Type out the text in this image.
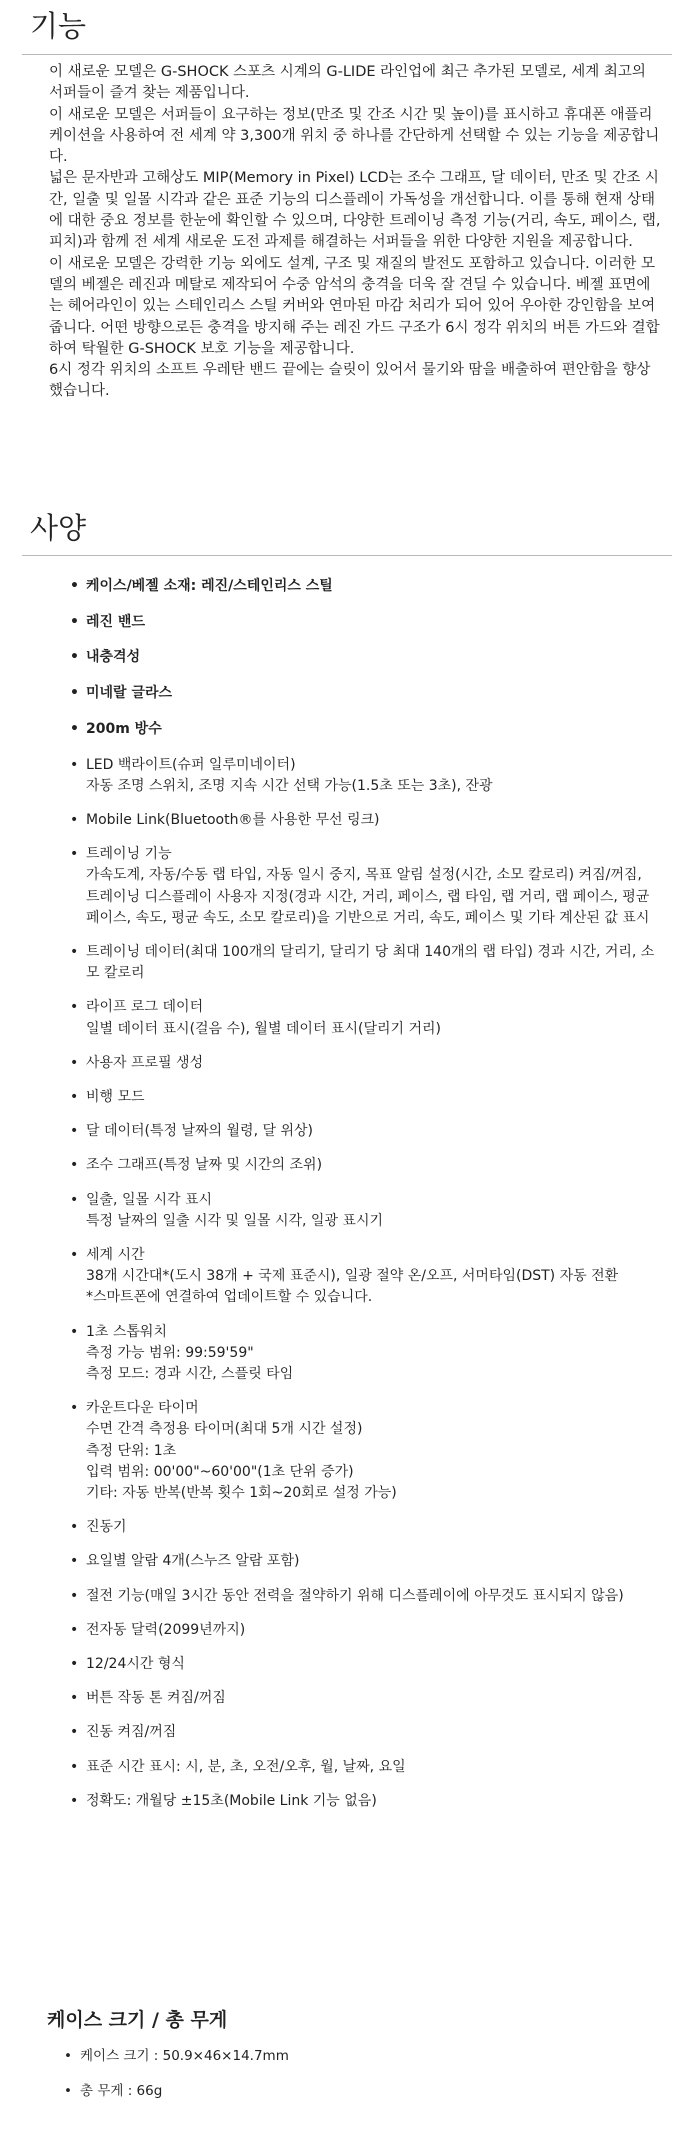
기능

이 새로운 모델은 G-SHOCK 스포츠 시계의 G-LIDE 라인업에 최근 추가된 모델로, 세계 최고의 서퍼들이 즐겨 찾는 제품입니다.

이 새로운 모델은 서퍼들이 요구하는 정보(만조 및 간조 시간 및 높이)를 표시하고 휴대폰 애플리케이션을 사용하여 전 세계 약 3,300개 위치 중 하나를 간단하게 선택할 수 있는 기능을 제공합니다.

넓은 문자반과 고해상도 MIP(Memory in Pixel) LCD는 조수 그래프, 달 데이터, 만조 및 간조 시간, 일출 및 일몰 시각과 같은 표준 기능의 디스플레이 가독성을 개선합니다. 이를 통해 현재 상태에 대한 중요 정보를 한눈에 확인할 수 있으며, 다양한 트레이닝 측정 기능(거리, 속도, 페이스, 랩, 피치)과 함께 전 세계 새로운 도전 과제를 해결하는 서퍼들을 위한 다양한 지원을 제공합니다.

이 새로운 모델은 강력한 기능 외에도 설계, 구조 및 재질의 발전도 포함하고 있습니다. 이러한 모델의 베젤은 레진과 메탈로 제작되어 수중 암석의 충격을 더욱 잘 견딜 수 있습니다. 베젤 표면에는 헤어라인이 있는 스테인리스 스틸 커버와 연마된 마감 처리가 되어 있어 우아한 강인함을 보여줍니다. 어떤 방향으로든 충격을 방지해 주는 레진 가드 구조가 6시 정각 위치의 버튼 가드와 결합하여 탁월한 G-SHOCK 보호 기능을 제공합니다.

6시 정각 위치의 소프트 우레탄 밴드 끝에는 슬릿이 있어서 물기와 땀을 배출하여 편안함을 향상했습니다.

사양
• 케이스/베젤 소재: 레진/스테인리스 스틸
• 레진 밴드
• 내충격성
• 미네랄 글라스
• 200m 방수
• LED 백라이트(슈퍼 일루미네이터)
자동 조명 스위치, 조명 지속 시간 선택 가능(1.5초 또는 3초), 잔광
• Mobile Link(Bluetooth®를 사용한 무선 링크)
• 트레이닝 기능
가속도계, 자동/수동 랩 타입, 자동 일시 중지, 목표 알림 설정(시간, 소모 칼로리) 켜짐/꺼짐, 트레이닝 디스플레이 사용자 지정(경과 시간, 거리, 페이스, 랩 타임, 랩 거리, 랩 페이스, 평균 페이스, 속도, 평균 속도, 소모 칼로리)을 기반으로 거리, 속도, 페이스 및 기타 계산된 값 표시
• 트레이닝 데이터(최대 100개의 달리기, 달리기 당 최대 140개의 랩 타입) 경과 시간, 거리, 소모 칼로리
• 라이프 로그 데이터
일별 데이터 표시(걸음 수), 월별 데이터 표시(달리기 거리)
• 사용자 프로필 생성
• 비행 모드
• 달 데이터(특정 날짜의 월령, 달 위상)
• 조수 그래프(특정 날짜 및 시간의 조위)
• 일출, 일몰 시각 표시
특정 날짜의 일출 시각 및 일몰 시각, 일광 표시기
• 세계 시간
38개 시간대*(도시 38개 + 국제 표준시), 일광 절약 온/오프, 서머타임(DST) 자동 전환
*스마트폰에 연결하여 업데이트할 수 있습니다.
• 1초 스톱워치
측정 가능 범위: 99:59'59"
측정 모드: 경과 시간, 스플릿 타임
• 카운트다운 타이머
수면 간격 측정용 타이머(최대 5개 시간 설정)
측정 단위: 1초
입력 범위: 00'00"~60'00"(1초 단위 증가)
기타: 자동 반복(반복 횟수 1회~20회로 설정 가능)
• 진동기
• 요일별 알람 4개(스누즈 알람 포함)
• 절전 기능(매일 3시간 동안 전력을 절약하기 위해 디스플레이에 아무것도 표시되지 않음)
• 전자동 달력(2099년까지)
• 12/24시간 형식
• 버튼 작동 톤 켜짐/꺼짐
• 진동 켜짐/꺼짐
• 표준 시간 표시: 시, 분, 초, 오전/오후, 월, 날짜, 요일
• 정확도: 개월당 ±15초(Mobile Link 기능 없음)
케이스 크기 / 총 무게
• 케이스 크기 : 50.9×46×14.7mm
• 총 무게 : 66g
